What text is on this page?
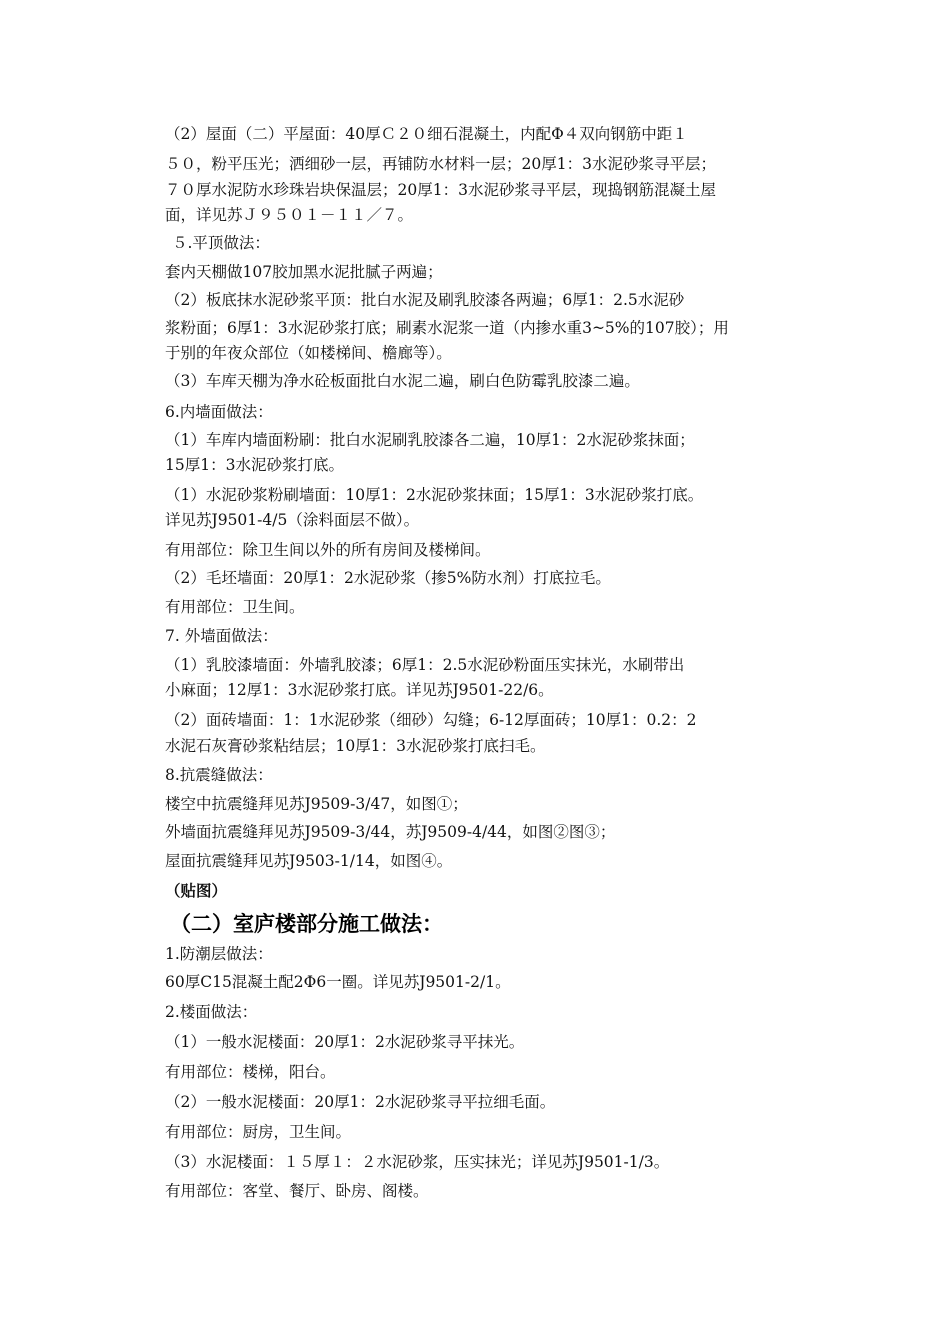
（2）屋面（二）平屋面：40厚Ｃ２０细石混凝土，内配Φ４双向钢筋中距１
５０，粉平压光；洒细砂一层，再铺防水材料一层；20厚1：3水泥砂浆寻平层；
７０厚水泥防水珍珠岩块保温层；20厚1：3水泥砂浆寻平层，现捣钢筋混凝土屋
面，详见苏Ｊ９５０１－１１／７。
５.平顶做法：
套内天棚做107胶加黑水泥批腻子两遍；
（2）板底抹水泥砂浆平顶：批白水泥及刷乳胶漆各两遍；6厚1：2.5水泥砂
浆粉面；6厚1：3水泥砂浆打底；刷素水泥浆一道（内掺水重3~5%的107胶）；用
于别的年夜众部位（如楼梯间、檐廊等）。
（3）车库天棚为净水砼板面批白水泥二遍，刷白色防霉乳胶漆二遍。
6.内墙面做法：
（1）车库内墙面粉刷：批白水泥刷乳胶漆各二遍，10厚1：2水泥砂浆抹面；
15厚1：3水泥砂浆打底。
（1）水泥砂浆粉刷墙面：10厚1：2水泥砂浆抹面；15厚1：3水泥砂浆打底。
详见苏J9501-4/5（涂料面层不做）。
有用部位：除卫生间以外的所有房间及楼梯间。
（2）毛坯墙面：20厚1：2水泥砂浆（掺5%防水剂）打底拉毛。
有用部位：卫生间。
7. 外墙面做法：
（1）乳胶漆墙面：外墙乳胶漆；6厚1：2.5水泥砂粉面压实抹光，水刷带出
小麻面；12厚1：3水泥砂浆打底。详见苏J9501-22/6。
（2）面砖墙面：1：1水泥砂浆（细砂）勾缝；6-12厚面砖；10厚1：0.2：2
水泥石灰膏砂浆粘结层；10厚1：3水泥砂浆打底扫毛。
8.抗震缝做法：
楼空中抗震缝拜见苏J9509-3/47，如图①；
外墙面抗震缝拜见苏J9509-3/44，苏J9509-4/44，如图②图③；
屋面抗震缝拜见苏J9503-1/14，如图④。
（贴图）
（二）室庐楼部分施工做法：
1.防潮层做法：
60厚C15混凝土配2Φ6一圈。详见苏J9501-2/1。
2.楼面做法：
（1）一般水泥楼面：20厚1：2水泥砂浆寻平抹光。
有用部位：楼梯，阳台。
（2）一般水泥楼面：20厚1：2水泥砂浆寻平拉细毛面。
有用部位：厨房，卫生间。
（3）水泥楼面：１５厚１：２水泥砂浆，压实抹光；详见苏J9501-1/3。
有用部位：客堂、餐厅、卧房、阁楼。
